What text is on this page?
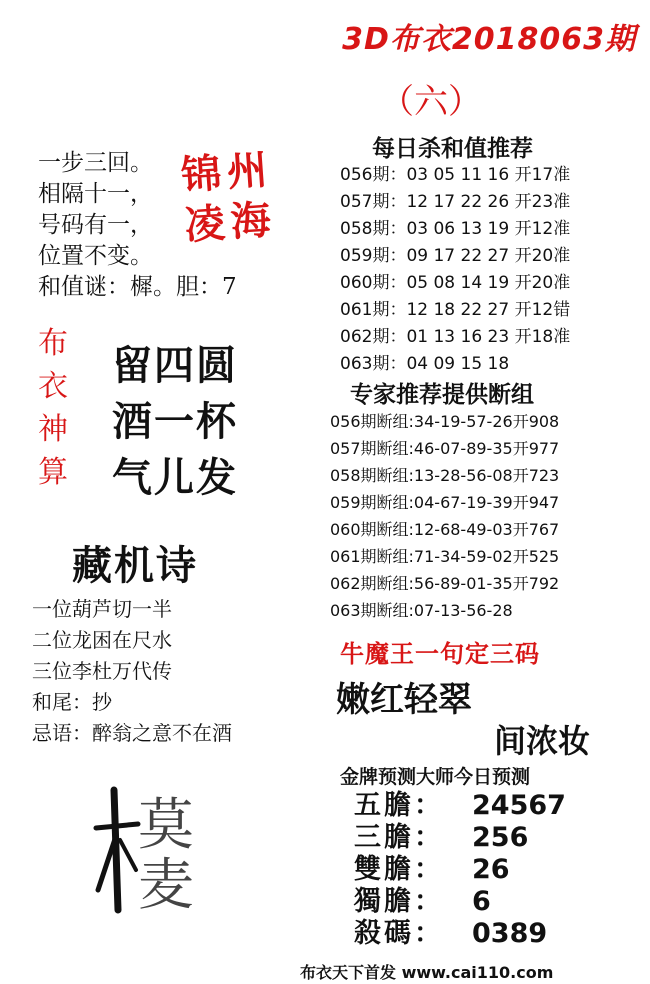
3D布衣2018063期
（六）
一步三回。
相隔十一，
号码有一，
位置不变。
和值谜：樨。胆：7
锦州
凌海
布
衣
神
算
留四圆
酒一杯
气儿发
藏机诗
一位葫芦切一半
二位龙困在尺水
三位李杜万代传
和尾：抄
忌语：醉翁之意不在酒
莫
麦
每日杀和值推荐
056期：03 05 11 16 开17准
057期：12 17 22 26 开23准
058期：03 06 13 19 开12准
059期：09 17 22 27 开20准
060期：05 08 14 19 开20准
061期：12 18 22 27 开12错
062期：01 13 16 23 开18准
063期：04 09 15 18
专家推荐提供断组
056期断组:34-19-57-26开908
057期断组:46-07-89-35开977
058期断组:13-28-56-08开723
059期断组:04-67-19-39开947
060期断组:12-68-49-03开767
061期断组:71-34-59-02开525
062期断组:56-89-01-35开792
063期断组:07-13-56-28
牛魔王一句定三码
嫩红轻翠
间浓妆
金牌预测大师今日预测
五膽： 24567
三膽： 256
雙膽： 26
獨膽： 6
殺碼： 0389
布衣天下首发 www.cai110.com
